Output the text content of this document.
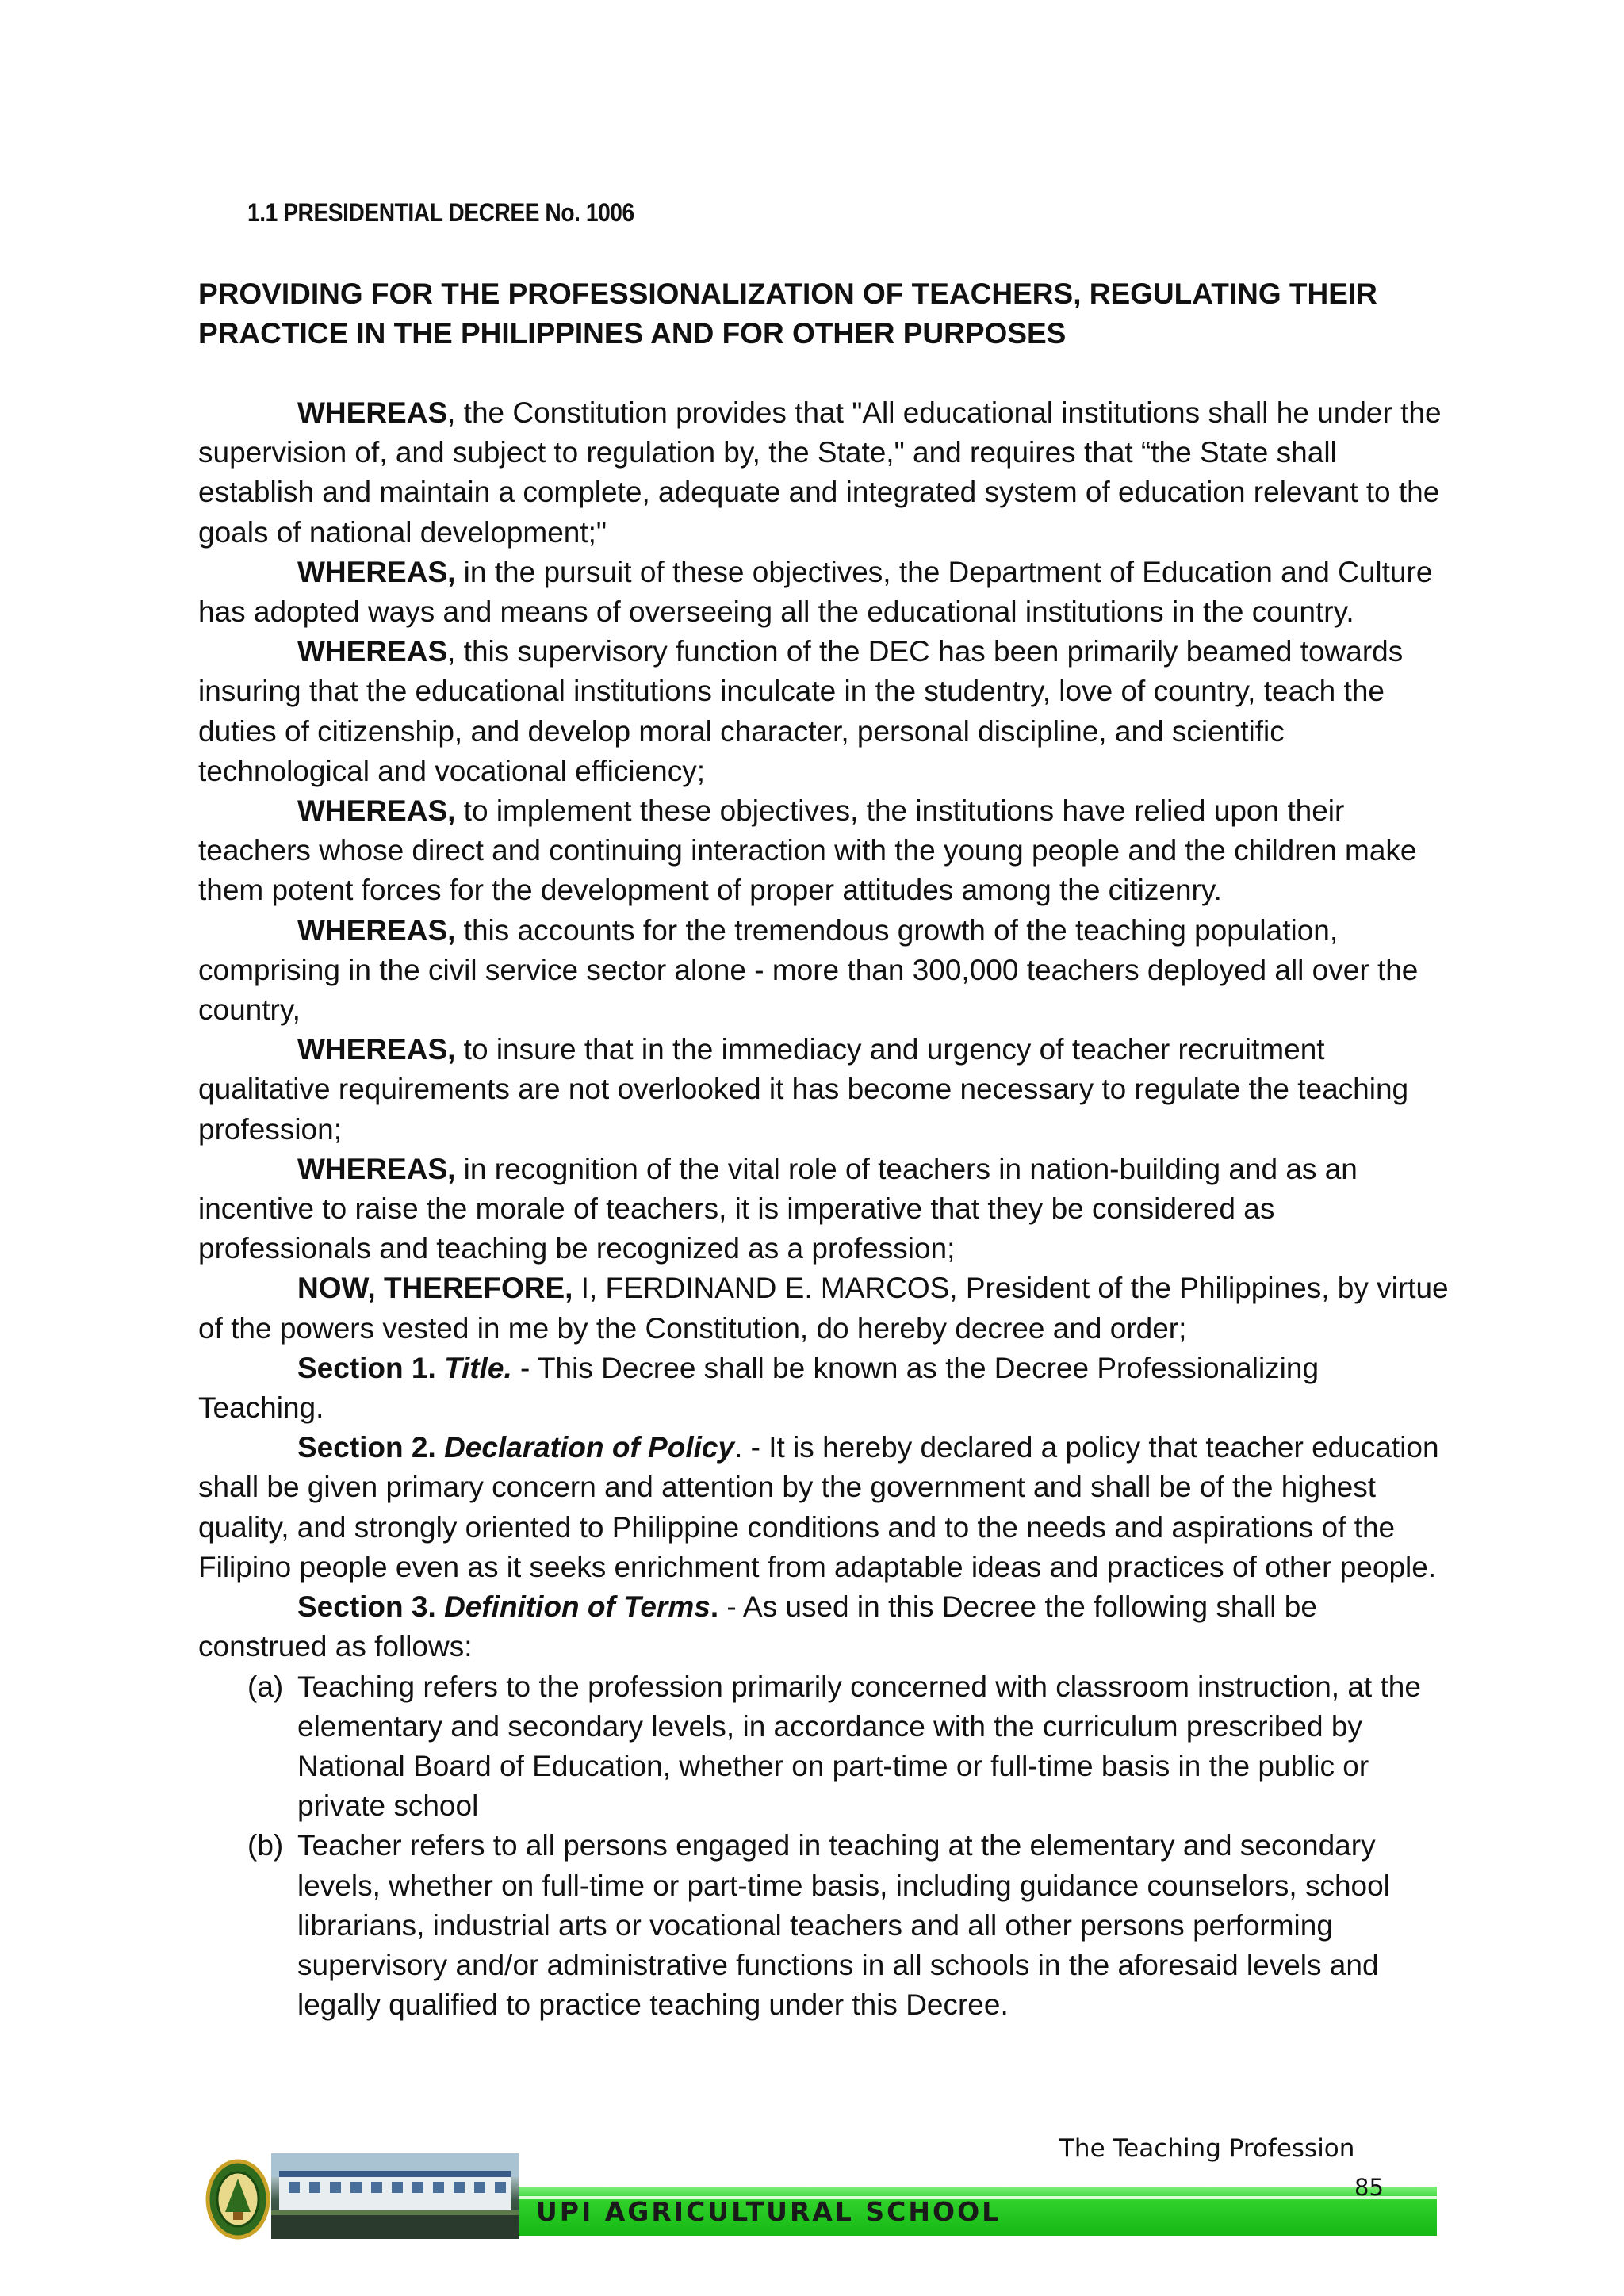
1.1 PRESIDENTIAL DECREE No. 1006
PROVIDING FOR THE PROFESSIONALIZATION OF TEACHERS, REGULATING THEIR PRACTICE IN THE PHILIPPINES AND FOR OTHER PURPOSES

WHEREAS, the Constitution provides that "All educational institutions shall he under the supervision of, and subject to regulation by, the State," and requires that “the State shall establish and maintain a complete, adequate and integrated system of education relevant to the goals of national development;"

WHEREAS, in the pursuit of these objectives, the Department of Education and Culture has adopted ways and means of overseeing all the educational institutions in the country.

WHEREAS, this supervisory function of the DEC has been primarily beamed towards insuring that the educational institutions inculcate in the studentry, love of country, teach the duties of citizenship, and develop moral character, personal discipline, and scientific technological and vocational efficiency;

WHEREAS, to implement these objectives, the institutions have relied upon their teachers whose direct and continuing interaction with the young people and the children make them potent forces for the development of proper attitudes among the citizenry.

WHEREAS, this accounts for the tremendous growth of the teaching population, comprising in the civil service sector alone - more than 300,000 teachers deployed all over the country,

WHEREAS, to insure that in the immediacy and urgency of teacher recruitment qualitative requirements are not overlooked it has become necessary to regulate the teaching profession;

WHEREAS, in recognition of the vital role of teachers in nation-building and as an incentive to raise the morale of teachers, it is imperative that they be considered as professionals and teaching be recognized as a profession;

NOW, THEREFORE, I, FERDINAND E. MARCOS, President of the Philippines, by virtue of the powers vested in me by the Constitution, do hereby decree and order;

Section 1. Title. - This Decree shall be known as the Decree Professionalizing Teaching.

Section 2. Declaration of Policy. - It is hereby declared a policy that teacher education shall be given primary concern and attention by the government and shall be of the highest quality, and strongly oriented to Philippine conditions and to the needs and aspirations of the Filipino people even as it seeks enrichment from adaptable ideas and practices of other people.

Section 3. Definition of Terms. - As used in this Decree the following shall be construed as follows:

(a) Teaching refers to the profession primarily concerned with classroom instruction, at the elementary and secondary levels, in accordance with the curriculum prescribed by National Board of Education, whether on part-time or full-time basis in the public or private school
(b) Teacher refers to all persons engaged in teaching at the elementary and secondary levels, whether on full-time or part-time basis, including guidance counselors, school librarians, industrial arts or vocational teachers and all other persons performing supervisory and/or administrative functions in all schools in the aforesaid levels and legally qualified to practice teaching under this Decree.
The Teaching Profession
UPI AGRICULTURAL SCHOOL
85
